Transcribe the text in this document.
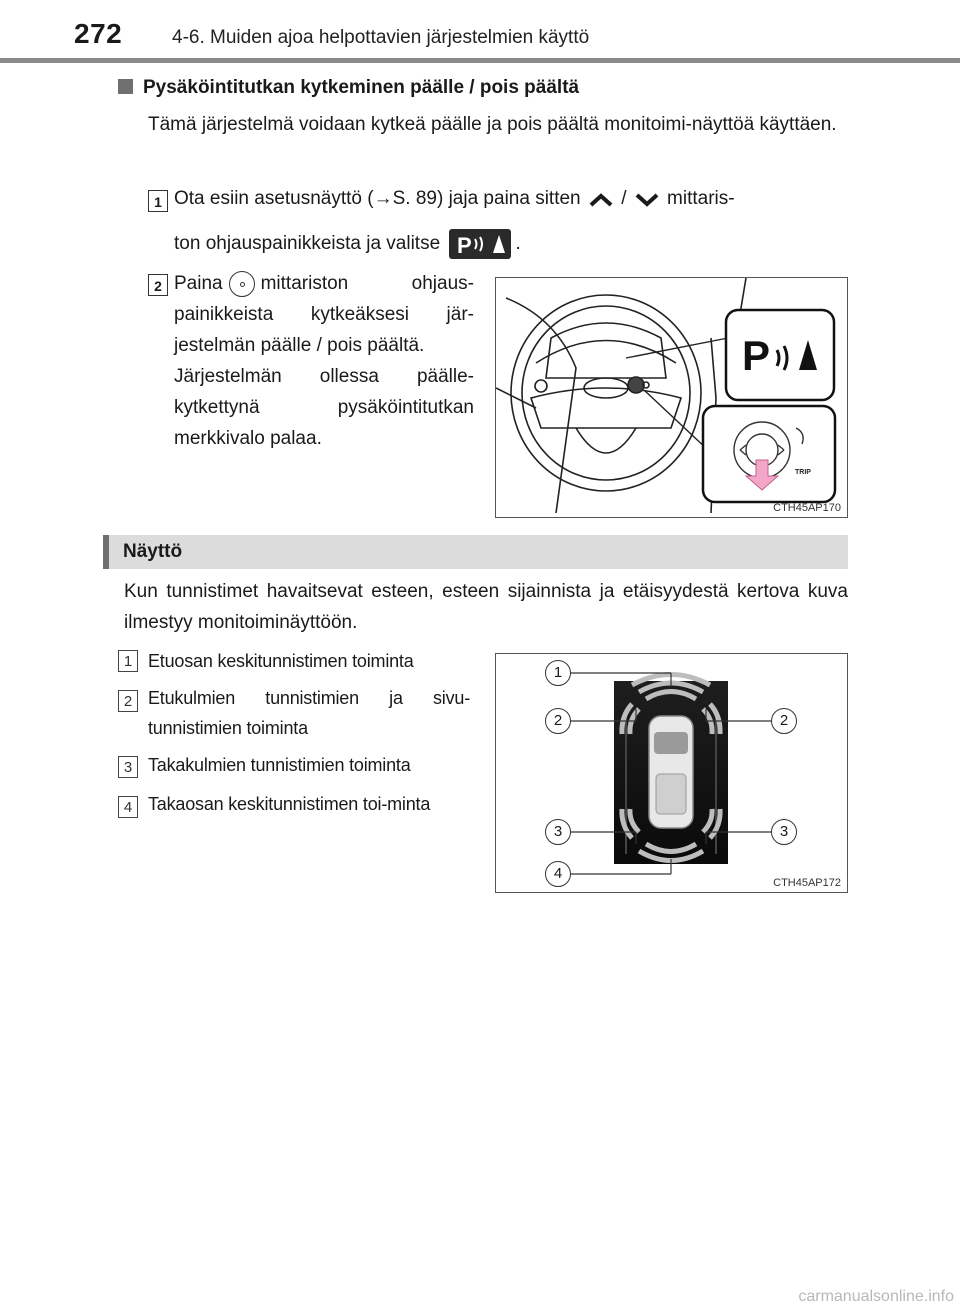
272	4-6. Muiden ajoa helpottavien järjestelmien käyttö
Pysäköintitutkan kytkeminen päälle / pois päältä
Tämä järjestelmä voidaan kytkeä päälle ja pois päältä monitoimi-näyttöä käyttäen.
1 Ota esiin asetusnäyttö (→S. 89) jaja paina sitten / mittaris-
ton ohjauspainikkeista ja valitse P .
2 Paina mittariston ohjaus-painikkeista kytkeäksesi jär-jestelmän päälle / pois päältä.
Järjestelmän ollessa päälle-kytkettynä pysäköintitutkan merkkivalo palaa.
P
TRIP
CTH45AP170
Näyttö
Kun tunnistimet havaitsevat esteen, esteen sijainnista ja etäisyydestä kertova kuva ilmestyy monitoiminäyttöön.
1 Etuosan keskitunnistimen toiminta
2 Etukulmien tunnistimien ja sivu-tunnistimien toiminta
3 Takakulmien tunnistimien toiminta
4 Takaosan keskitunnistimen toi-minta
1
2	2
3	3
4
CTH45AP172
carmanualsonline.info
